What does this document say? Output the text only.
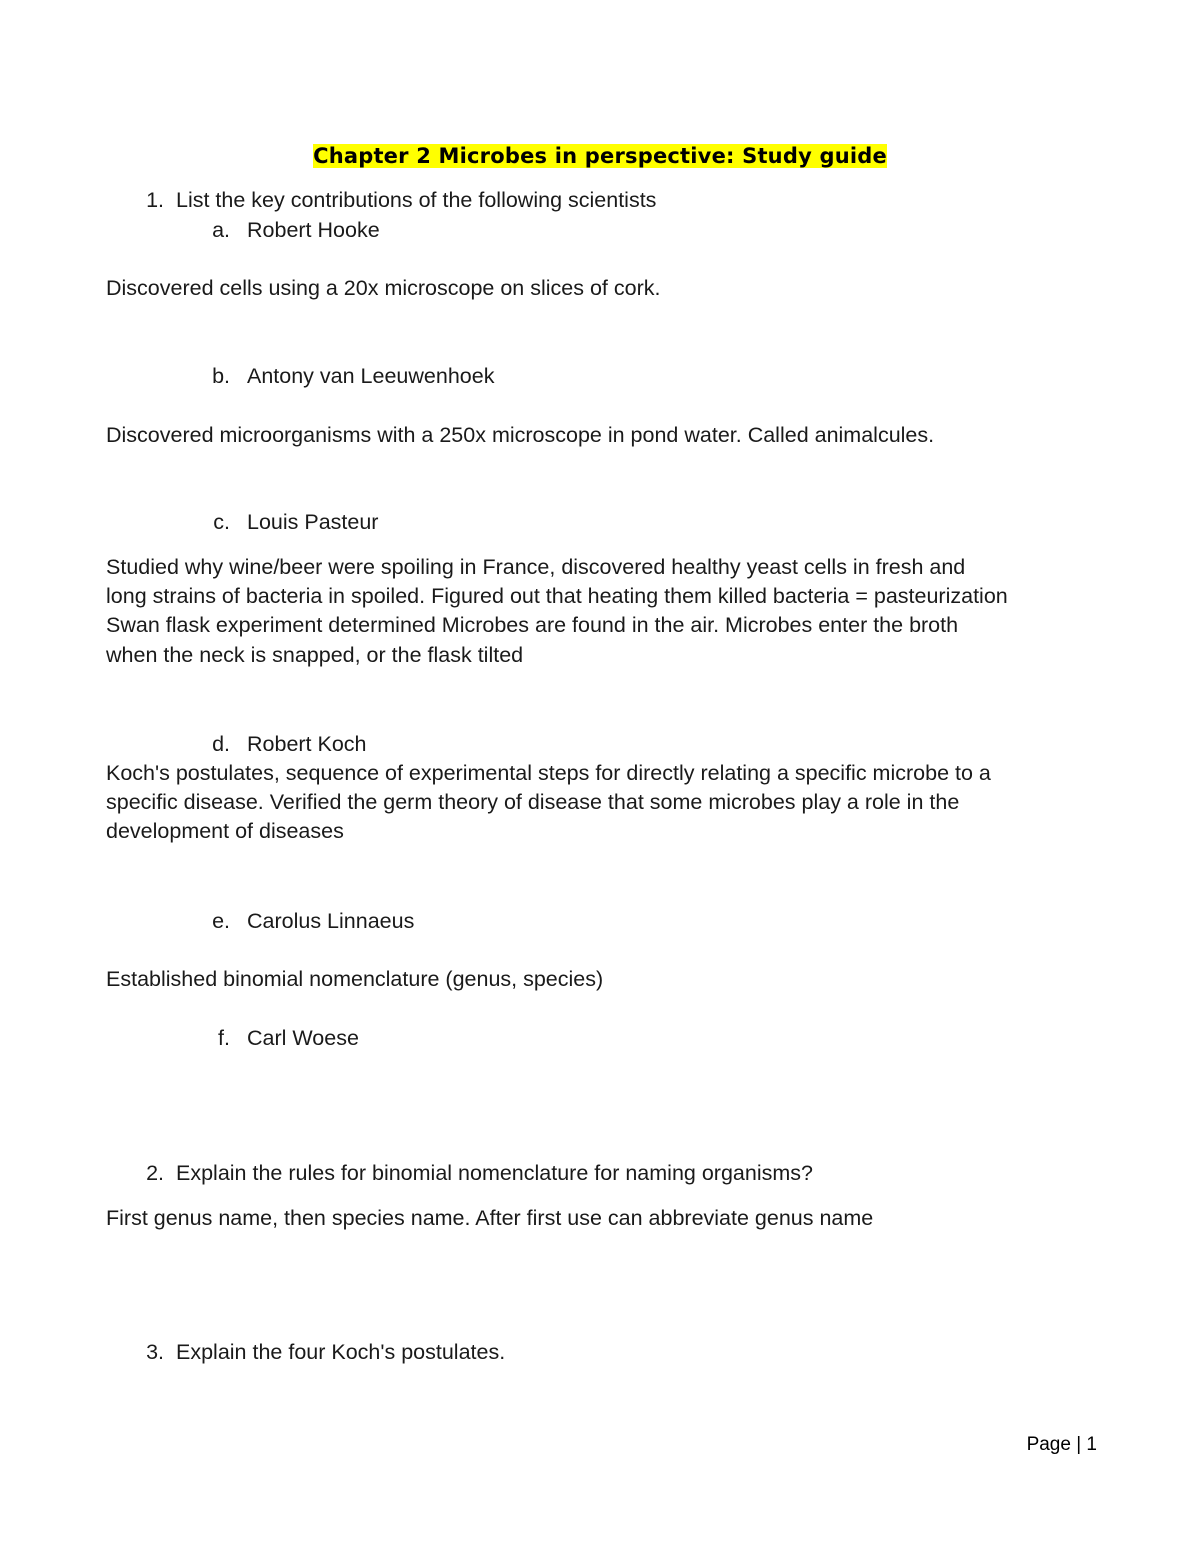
Chapter 2 Microbes in perspective: Study guide
1. List the key contributions of the following scientists
a. Robert Hooke
Discovered cells using a 20x microscope on slices of cork.
b. Antony van Leeuwenhoek
Discovered microorganisms with a 250x microscope in pond water. Called animalcules.
c. Louis Pasteur
Studied why wine/beer were spoiling in France, discovered healthy yeast cells in fresh and
long strains of bacteria in spoiled. Figured out that heating them killed bacteria = pasteurization
Swan flask experiment determined Microbes are found in the air. Microbes enter the broth
when the neck is snapped, or the flask tilted
d. Robert Koch
Koch's postulates, sequence of experimental steps for directly relating a specific microbe to a
specific disease. Verified the germ theory of disease that some microbes play a role in the
development of diseases
e. Carolus Linnaeus
Established binomial nomenclature (genus, species)
f. Carl Woese
2. Explain the rules for binomial nomenclature for naming organisms?
First genus name, then species name. After first use can abbreviate genus name
3. Explain the four Koch's postulates.
Page | 1
